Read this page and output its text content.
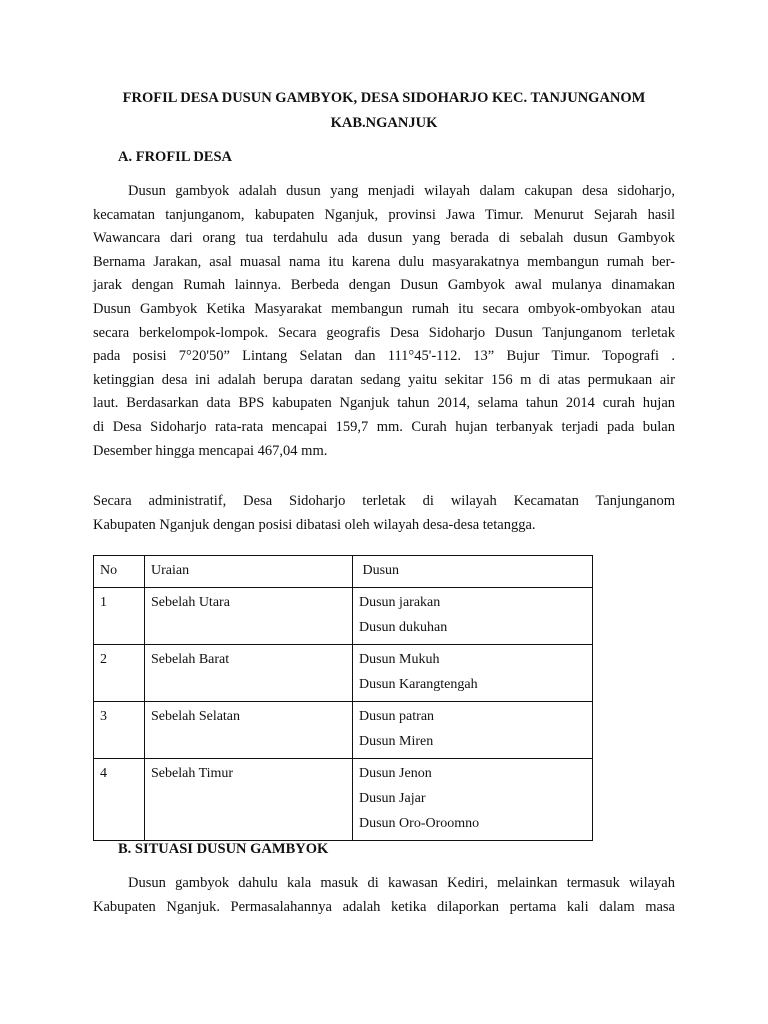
FROFIL DESA DUSUN GAMBYOK, DESA SIDOHARJO KEC. TANJUNGANOM
KAB.NGANJUK
A. FROFIL DESA
Dusun gambyok adalah dusun yang menjadi wilayah dalam cakupan desa sidoharjo,
kecamatan tanjunganom, kabupaten Nganjuk, provinsi Jawa Timur. Menurut Sejarah hasil
Wawancara dari orang tua terdahulu ada dusun yang berada di sebalah dusun Gambyok
Bernama Jarakan, asal muasal nama itu karena dulu masyarakatnya membangun rumah ber-
jarak dengan Rumah lainnya. Berbeda dengan Dusun Gambyok awal mulanya dinamakan
Dusun Gambyok Ketika Masyarakat membangun rumah itu secara ombyok-ombyokan atau
secara berkelompok-lompok. Secara geografis Desa Sidoharjo Dusun Tanjunganom terletak
pada posisi 7°20'50” Lintang Selatan dan 111°45'-112. 13” Bujur Timur. Topografi .
ketinggian desa ini adalah berupa daratan sedang yaitu sekitar 156 m di atas permukaan air
laut. Berdasarkan data BPS kabupaten Nganjuk tahun 2014, selama tahun 2014 curah hujan
di Desa Sidoharjo rata-rata mencapai 159,7 mm. Curah hujan terbanyak terjadi pada bulan
Desember hingga mencapai 467,04 mm.
Secara administratif, Desa Sidoharjo terletak di wilayah Kecamatan Tanjunganom
Kabupaten Nganjuk dengan posisi dibatasi oleh wilayah desa-desa tetangga.
No	Uraian	Dusun
1	Sebelah Utara	Dusun jarakan
Dusun dukuhan

2	Sebelah Barat	Dusun Mukuh
Dusun Karangtengah

3	Sebelah Selatan	Dusun patran
Dusun Miren

4	Sebelah Timur	Dusun Jenon
Dusun Jajar
Dusun Oro-Oroomno
B. SITUASI DUSUN GAMBYOK
Dusun gambyok dahulu kala masuk di kawasan Kediri, melainkan termasuk wilayah
Kabupaten Nganjuk. Permasalahannya adalah ketika dilaporkan pertama kali dalam masa
